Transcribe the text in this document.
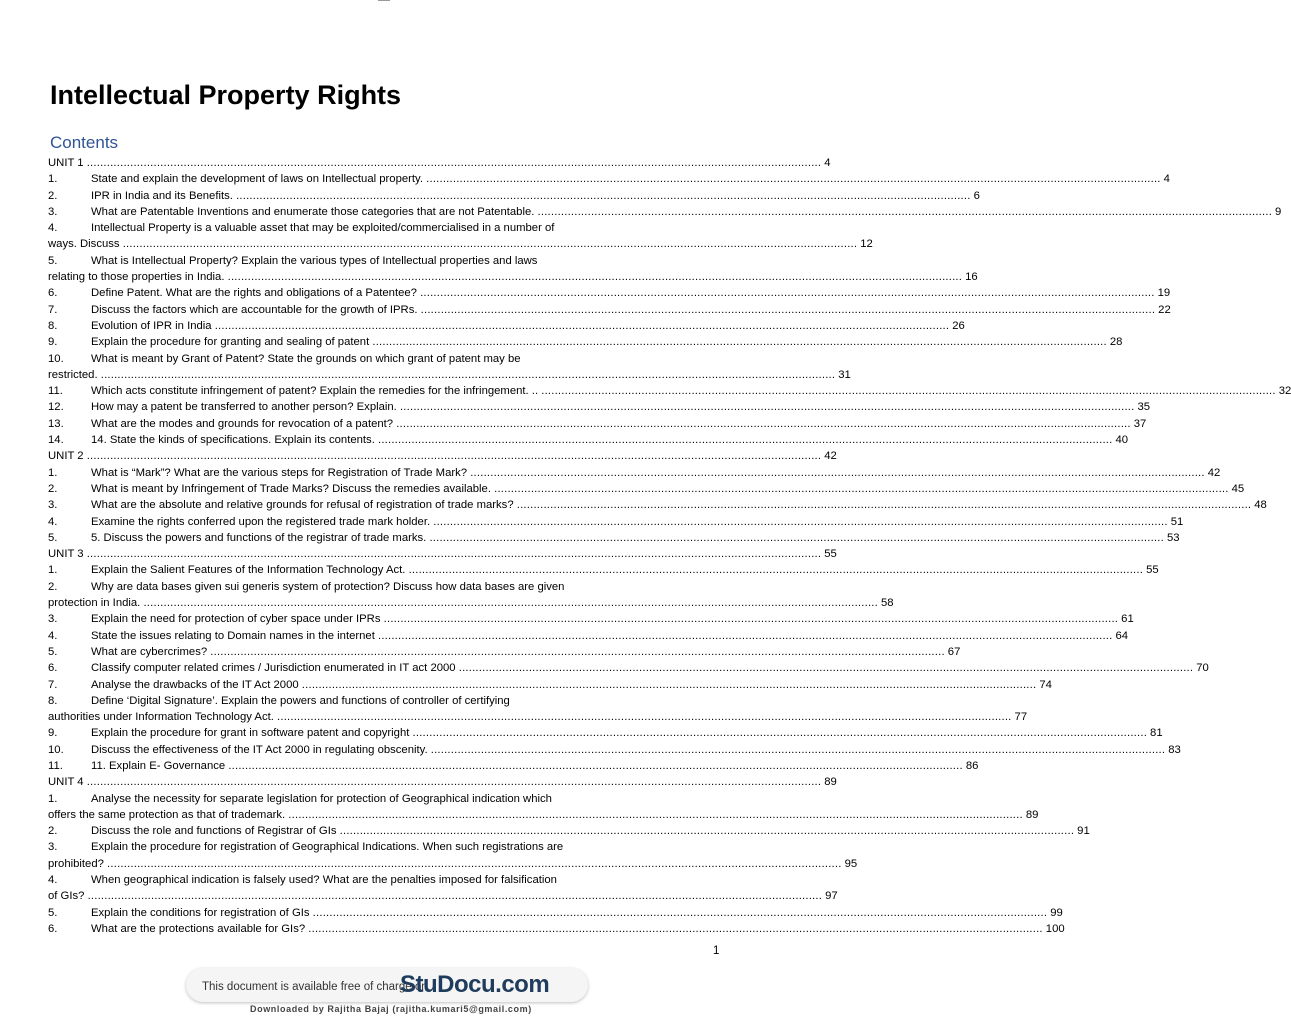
Intellectual Property Rights
Contents
UNIT 1 ............................................................................................................................................................................................................................ 4
1.	State and explain the development of laws on Intellectual property. ............................................................................................................................................................................................................................ 4
2.	IPR in India and its Benefits. ............................................................................................................................................................................................................................ 6
3.	What are Patentable Inventions and enumerate those categories that are not Patentable. ............................................................................................................................................................................................................................ 9
4.	Intellectual Property is a valuable asset that may be exploited/commercialised in a number of
ways. Discuss ............................................................................................................................................................................................................................ 12
5.	What is Intellectual Property? Explain the various types of Intellectual properties and laws
relating to those properties in India. ............................................................................................................................................................................................................................ 16
6.	Define Patent. What are the rights and obligations of a Patentee? ............................................................................................................................................................................................................................ 19
7.	Discuss the factors which are accountable for the growth of IPRs. ............................................................................................................................................................................................................................ 22
8.	Evolution of IPR in India ............................................................................................................................................................................................................................ 26
9.	Explain the procedure for granting and sealing of patent ............................................................................................................................................................................................................................ 28
10. What is meant by Grant of Patent? State the grounds on which grant of patent may be
restricted. ............................................................................................................................................................................................................................ 31
11. Which acts constitute infringement of patent? Explain the remedies for the infringement. .. ............................................................................................................................................................................................................................ 32
12. How may a patent be transferred to another person? Explain. ............................................................................................................................................................................................................................ 35
13. What are the modes and grounds for revocation of a patent? ............................................................................................................................................................................................................................ 37
14. 14. State the kinds of specifications. Explain its contents. ............................................................................................................................................................................................................................ 40
UNIT 2 ............................................................................................................................................................................................................................ 42
1.	What is “Mark”? What are the various steps for Registration of Trade Mark? ............................................................................................................................................................................................................................ 42
2.	What is meant by Infringement of Trade Marks? Discuss the remedies available. ............................................................................................................................................................................................................................ 45
3.	What are the absolute and relative grounds for refusal of registration of trade marks? ............................................................................................................................................................................................................................ 48
4.	Examine the rights conferred upon the registered trade mark holder. ............................................................................................................................................................................................................................ 51
5.	5. Discuss the powers and functions of the registrar of trade marks. ............................................................................................................................................................................................................................ 53
UNIT 3 ............................................................................................................................................................................................................................ 55
1.	Explain the Salient Features of the Information Technology Act. ............................................................................................................................................................................................................................ 55
2.	Why are data bases given sui generis system of protection? Discuss how data bases are given
protection in India. ............................................................................................................................................................................................................................ 58
3.	Explain the need for protection of cyber space under IPRs ............................................................................................................................................................................................................................ 61
4.	State the issues relating to Domain names in the internet ............................................................................................................................................................................................................................ 64
5.	What are cybercrimes? ............................................................................................................................................................................................................................ 67
6.	Classify computer related crimes / Jurisdiction enumerated in IT act 2000 ............................................................................................................................................................................................................................ 70
7.	Analyse the drawbacks of the IT Act 2000 ............................................................................................................................................................................................................................ 74
8.	Define ‘Digital Signature’. Explain the powers and functions of controller of certifying
authorities under Information Technology Act. ............................................................................................................................................................................................................................ 77
9.	Explain the procedure for grant in software patent and copyright ............................................................................................................................................................................................................................ 81
10. Discuss the effectiveness of the IT Act 2000 in regulating obscenity. ............................................................................................................................................................................................................................ 83
11. 11. Explain E- Governance ............................................................................................................................................................................................................................ 86
UNIT 4 ............................................................................................................................................................................................................................ 89
1.	Analyse the necessity for separate legislation for protection of Geographical indication which
offers the same protection as that of trademark. ............................................................................................................................................................................................................................ 89
2.	Discuss the role and functions of Registrar of GIs ............................................................................................................................................................................................................................ 91
3.	Explain the procedure for registration of Geographical Indications. When such registrations are
prohibited? ............................................................................................................................................................................................................................ 95
4.	When geographical indication is falsely used? What are the penalties imposed for falsification
of GIs? ............................................................................................................................................................................................................................ 97
5.	Explain the conditions for registration of GIs ............................................................................................................................................................................................................................ 99
6.	What are the protections available for GIs? ............................................................................................................................................................................................................................ 100
1
This document is available free of charge on
StuDocu.com
Downloaded by Rajitha Bajaj (rajitha.kumari5@gmail.com)
